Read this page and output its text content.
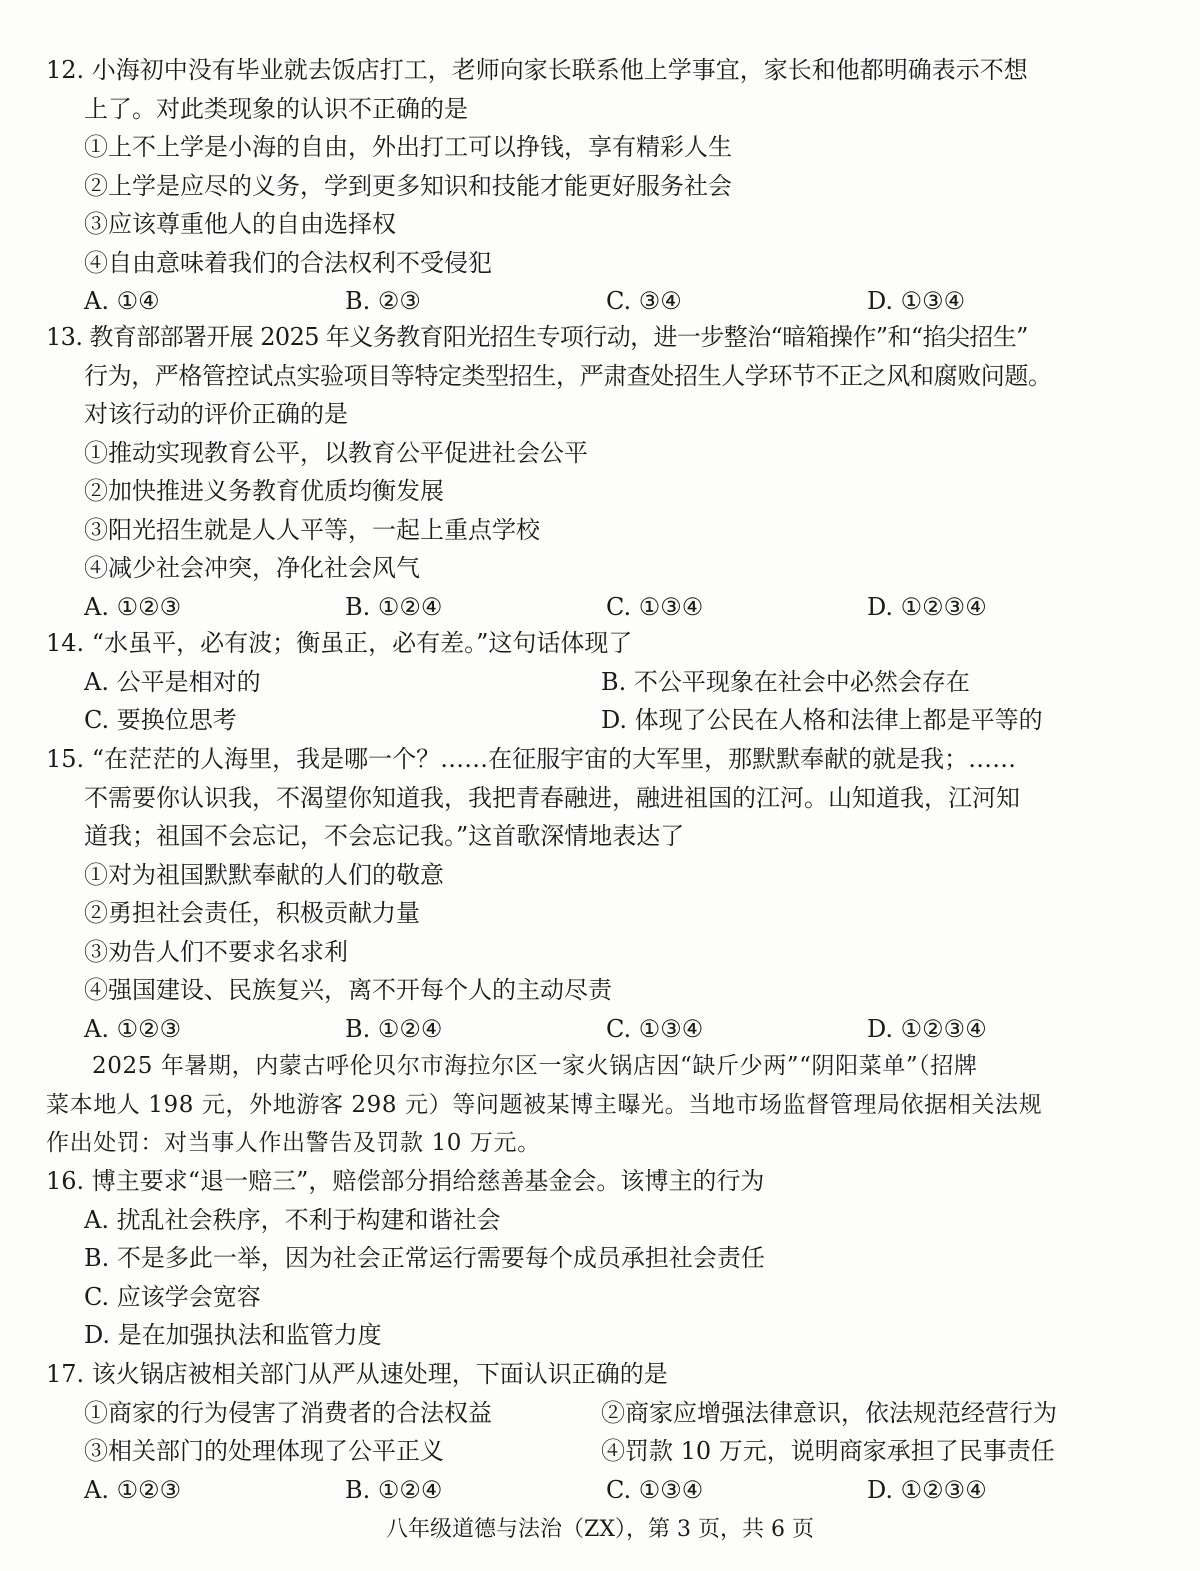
12. 小海初中没有毕业就去饭店打工，老师向家长联系他上学事宜，家长和他都明确表示不想
上了。对此类现象的认识不正确的是
①上不上学是小海的自由，外出打工可以挣钱，享有精彩人生
②上学是应尽的义务，学到更多知识和技能才能更好服务社会
③应该尊重他人的自由选择权
④自由意味着我们的合法权利不受侵犯
A. ①④	B. ②③	C. ③④	D. ①③④
13. 教育部部署开展 2025 年义务教育阳光招生专项行动，进一步整治“暗箱操作”和“掐尖招生”
行为，严格管控试点实验项目等特定类型招生，严肃查处招生人学环节不正之风和腐败问题。
对该行动的评价正确的是
①推动实现教育公平，以教育公平促进社会公平
②加快推进义务教育优质均衡发展
③阳光招生就是人人平等，一起上重点学校
④减少社会冲突，净化社会风气
A. ①②③	B. ①②④	C. ①③④	D. ①②③④
14. “水虽平，必有波；衡虽正，必有差。”这句话体现了
A. 公平是相对的	B. 不公平现象在社会中必然会存在
C. 要换位思考	D. 体现了公民在人格和法律上都是平等的
15. “在茫茫的人海里，我是哪一个？……在征服宇宙的大军里，那默默奉献的就是我；……
不需要你认识我，不渴望你知道我，我把青春融进，融进祖国的江河。山知道我，江河知
道我；祖国不会忘记，不会忘记我。”这首歌深情地表达了
①对为祖国默默奉献的人们的敬意
②勇担社会责任，积极贡献力量
③劝告人们不要求名求利
④强国建设、民族复兴，离不开每个人的主动尽责
A. ①②③	B. ①②④	C. ①③④	D. ①②③④
2025 年暑期，内蒙古呼伦贝尔市海拉尔区一家火锅店因“缺斤少两”“阴阳菜单”（招牌
菜本地人 198 元，外地游客 298 元）等问题被某博主曝光。当地市场监督管理局依据相关法规
作出处罚：对当事人作出警告及罚款 10 万元。
16. 博主要求“退一赔三”，赔偿部分捐给慈善基金会。该博主的行为
A. 扰乱社会秩序，不利于构建和谐社会
B. 不是多此一举，因为社会正常运行需要每个成员承担社会责任
C. 应该学会宽容
D. 是在加强执法和监管力度
17. 该火锅店被相关部门从严从速处理，下面认识正确的是
①商家的行为侵害了消费者的合法权益	②商家应增强法律意识，依法规范经营行为
③相关部门的处理体现了公平正义	④罚款 10 万元，说明商家承担了民事责任
A. ①②③	B. ①②④	C. ①③④	D. ①②③④
八年级道德与法治（ZX），第 3 页，共 6 页
